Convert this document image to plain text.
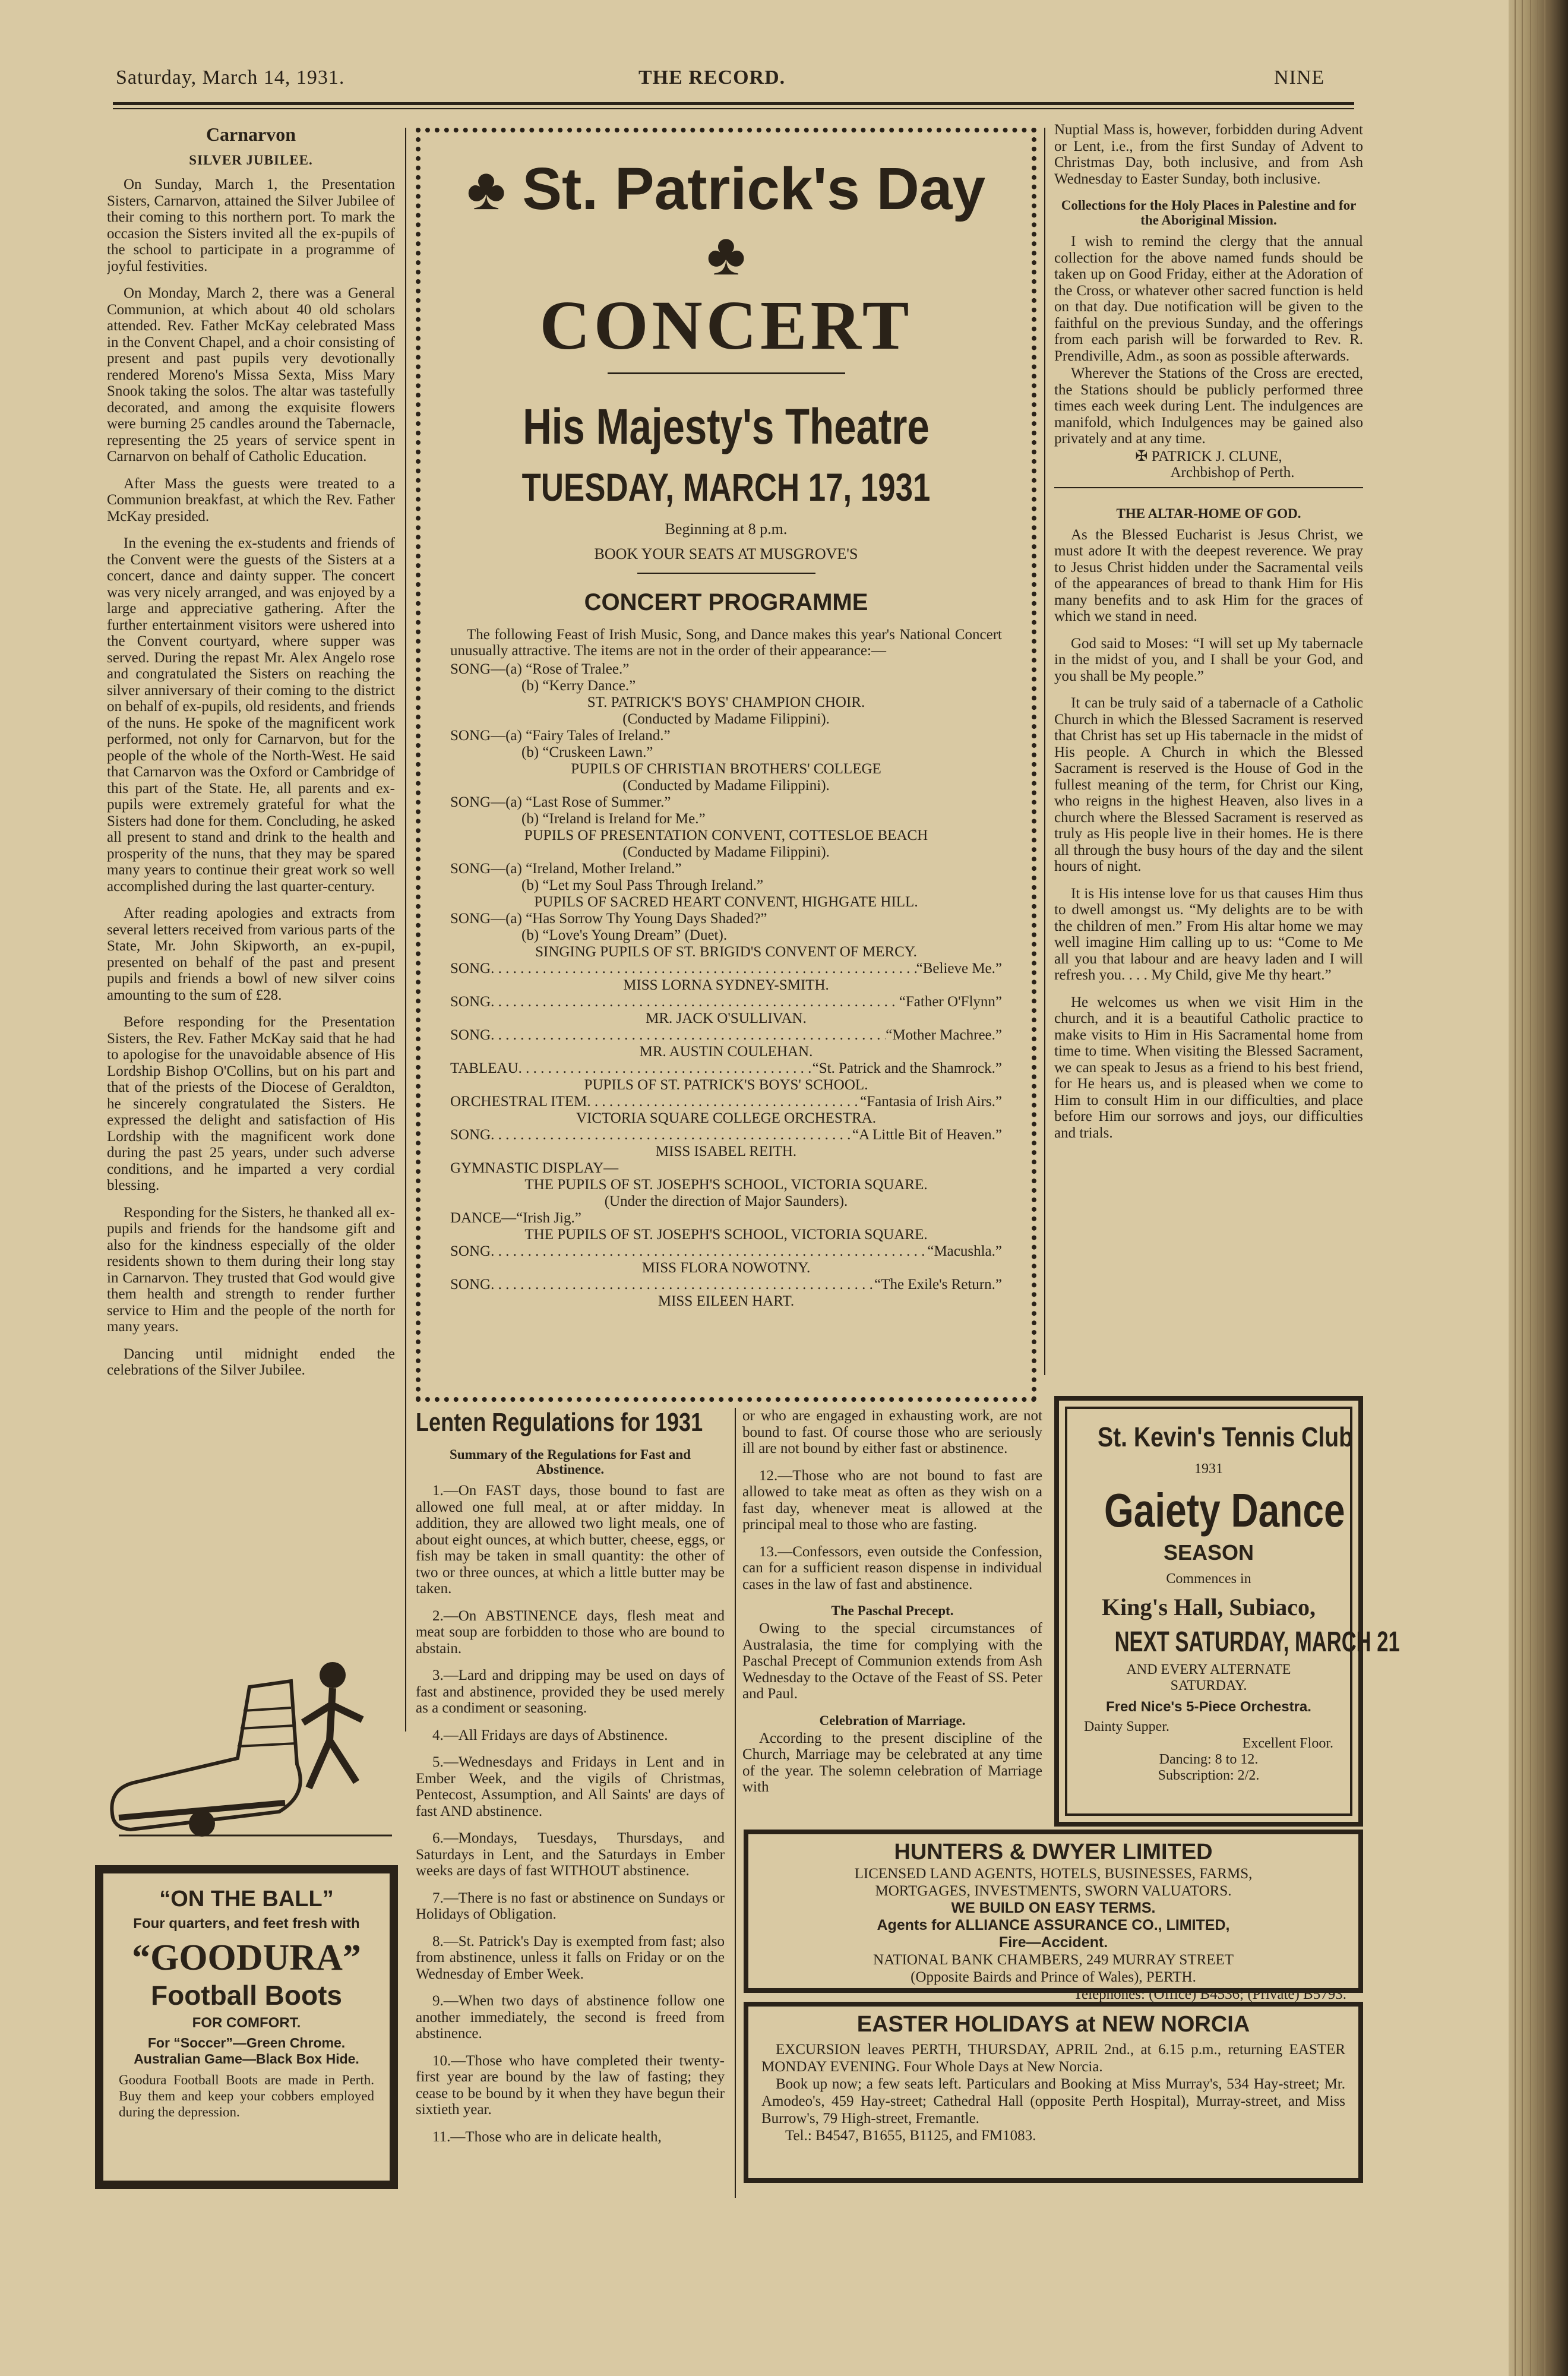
Saturday, March 14, 1931.	THE RECORD.	NINE
Carnarvon
SILVER JUBILEE.

On Sunday, March 1, the Presentation Sisters, Carnarvon, attained the Silver Jubilee of their coming to this northern port. To mark the occasion the Sisters invited all the ex-pupils of the school to participate in a programme of joyful festivities.

On Monday, March 2, there was a General Communion, at which about 40 old scholars attended. Rev. Father McKay celebrated Mass in the Convent Chapel, and a choir consisting of present and past pupils very devotionally rendered Moreno's Missa Sexta, Miss Mary Snook taking the solos. The altar was tastefully decorated, and among the exquisite flowers were burning 25 candles around the Tabernacle, representing the 25 years of service spent in Carnarvon on behalf of Catholic Education.

After Mass the guests were treated to a Communion breakfast, at which the Rev. Father McKay presided.

In the evening the ex-students and friends of the Convent were the guests of the Sisters at a concert, dance and dainty supper. The concert was very nicely arranged, and was enjoyed by a large and appreciative gathering. After the further entertainment visitors were ushered into the Convent courtyard, where supper was served. During the repast Mr. Alex Angelo rose and congratulated the Sisters on reaching the silver anniversary of their coming to the district on behalf of ex-pupils, old residents, and friends of the nuns. He spoke of the magnificent work performed, not only for Carnarvon, but for the people of the whole of the North-West. He said that Carnarvon was the Oxford or Cambridge of this part of the State. He, all parents and ex-pupils were extremely grateful for what the Sisters had done for them. Concluding, he asked all present to stand and drink to the health and prosperity of the nuns, that they may be spared many years to continue their great work so well accomplished during the last quarter-century.

After reading apologies and extracts from several letters received from various parts of the State, Mr. John Skipworth, an ex-pupil, presented on behalf of the past and present pupils and friends a bowl of new silver coins amounting to the sum of £28.

Before responding for the Presentation Sisters, the Rev. Father McKay said that he had to apologise for the unavoidable absence of His Lordship Bishop O'Collins, but on his part and that of the priests of the Diocese of Geraldton, he sincerely congratulated the Sisters. He expressed the delight and satisfaction of His Lordship with the magnificent work done during the past 25 years, under such adverse conditions, and he imparted a very cordial blessing.

Responding for the Sisters, he thanked all ex-pupils and friends for the handsome gift and also for the kindness especially of the older residents shown to them during their long stay in Carnarvon. They trusted that God would give them health and strength to render further service to Him and the people of the north for many years.

Dancing until midnight ended the celebrations of the Silver Jubilee.

“ON THE BALL”
Four quarters, and feet fresh with
“GOODURA”
Football Boots
FOR COMFORT.
For “Soccer”—Green Chrome. Australian Game—Black Box Hide.
Goodura Football Boots are made in Perth. Buy them and keep your cobbers employed during the depression.
♣ St. Patrick's Day ♣
CONCERT
His Majesty's Theatre
TUESDAY, MARCH 17, 1931
Beginning at 8 p.m.
BOOK YOUR SEATS AT MUSGROVE'S
CONCERT PROGRAMME
The following Feast of Irish Music, Song, and Dance makes this year's National Concert unusually attractive. The items are not in the order of their appearance:—
SONG—(a) “Rose of Tralee.”
(b) “Kerry Dance.”
ST. PATRICK'S BOYS' CHAMPION CHOIR.
(Conducted by Madame Filippini).
SONG—(a) “Fairy Tales of Ireland.”
(b) “Cruskeen Lawn.”
PUPILS OF CHRISTIAN BROTHERS' COLLEGE
(Conducted by Madame Filippini).
SONG—(a) “Last Rose of Summer.”
(b) “Ireland is Ireland for Me.”
PUPILS OF PRESENTATION CONVENT, COTTESLOE BEACH
(Conducted by Madame Filippini).
SONG—(a) “Ireland, Mother Ireland.”
(b) “Let my Soul Pass Through Ireland.”
PUPILS OF SACRED HEART CONVENT, HIGHGATE HILL.
SONG—(a) “Has Sorrow Thy Young Days Shaded?”
(b) “Love's Young Dream” (Duet).
SINGING PUPILS OF ST. BRIGID'S CONVENT OF MERCY.
SONG . . .	“Believe Me.”
MISS LORNA SYDNEY-SMITH.
SONG . . .	“Father O'Flynn”
MR. JACK O'SULLIVAN.
SONG . . .	“Mother Machree.”
MR. AUSTIN COULEHAN.
TABLEAU . . .	“St. Patrick and the Shamrock.”
PUPILS OF ST. PATRICK'S BOYS' SCHOOL.
ORCHESTRAL ITEM . . .	“Fantasia of Irish Airs.”
VICTORIA SQUARE COLLEGE ORCHESTRA.
SONG . . .	“A Little Bit of Heaven.”
MISS ISABEL REITH.
GYMNASTIC DISPLAY—
THE PUPILS OF ST. JOSEPH'S SCHOOL, VICTORIA SQUARE.
(Under the direction of Major Saunders).
DANCE—“Irish Jig.”
THE PUPILS OF ST. JOSEPH'S SCHOOL, VICTORIA SQUARE.
SONG . . .	“Macushla.”
MISS FLORA NOWOTNY.
SONG . . .	“The Exile's Return.”
MISS EILEEN HART.
Lenten Regulations for 1931
Summary of the Regulations for Fast and Abstinence.

1.—On FAST days, those bound to fast are allowed one full meal, at or after midday. In addition, they are allowed two light meals, one of about eight ounces, at which butter, cheese, eggs, or fish may be taken in small quantity: the other of two or three ounces, at which a little butter may be taken.

2.—On ABSTINENCE days, flesh meat and meat soup are forbidden to those who are bound to abstain.

3.—Lard and dripping may be used on days of fast and abstinence, provided they be used merely as a condiment or seasoning.

4.—All Fridays are days of Abstinence.

5.—Wednesdays and Fridays in Lent and in Ember Week, and the vigils of Christmas, Pentecost, Assumption, and All Saints' are days of fast AND abstinence.

6.—Mondays, Tuesdays, Thursdays, and Saturdays in Lent, and the Saturdays in Ember weeks are days of fast WITHOUT abstinence.

7.—There is no fast or abstinence on Sundays or Holidays of Obligation.

8.—St. Patrick's Day is exempted from fast; also from abstinence, unless it falls on Friday or on the Wednesday of Ember Week.

9.—When two days of abstinence follow one another immediately, the second is freed from abstinence.

10.—Those who have completed their twenty-first year are bound by the law of fasting; they cease to be bound by it when they have begun their sixtieth year.

11.—Those who are in delicate health,

or who are engaged in exhausting work, are not bound to fast. Of course those who are seriously ill are not bound by either fast or abstinence.

12.—Those who are not bound to fast are allowed to take meat as often as they wish on a fast day, whenever meat is allowed at the principal meal to those who are fasting.

13.—Confessors, even outside the Confession, can for a sufficient reason dispense in individual cases in the law of fast and abstinence.

The Paschal Precept.

Owing to the special circumstances of Australasia, the time for complying with the Paschal Precept of Communion extends from Ash Wednesday to the Octave of the Feast of SS. Peter and Paul.

Celebration of Marriage.

According to the present discipline of the Church, Marriage may be celebrated at any time of the year. The solemn celebration of Marriage with

Nuptial Mass is, however, forbidden during Advent or Lent, i.e., from the first Sunday of Advent to Christmas Day, both inclusive, and from Ash Wednesday to Easter Sunday, both inclusive.

Collections for the Holy Places in Palestine and for the Aboriginal Mission.

I wish to remind the clergy that the annual collection for the above named funds should be taken up on Good Friday, either at the Adoration of the Cross, or whatever other sacred function is held on that day. Due notification will be given to the faithful on the previous Sunday, and the offerings from each parish will be forwarded to Rev. R. Prendiville, Adm., as soon as possible afterwards.

Wherever the Stations of the Cross are erected, the Stations should be publicly performed three times each week during Lent. The indulgences are manifold, which Indulgences may be gained also privately and at any time.

✠ PATRICK J. CLUNE,

Archbishop of Perth.

THE ALTAR-HOME OF GOD.

As the Blessed Eucharist is Jesus Christ, we must adore It with the deepest reverence. We pray to Jesus Christ hidden under the Sacramental veils of the appearances of bread to thank Him for His many benefits and to ask Him for the graces of which we stand in need.

God said to Moses: “I will set up My tabernacle in the midst of you, and I shall be your God, and you shall be My people.”

It can be truly said of a tabernacle of a Catholic Church in which the Blessed Sacrament is reserved that Christ has set up His tabernacle in the midst of His people. A Church in which the Blessed Sacrament is reserved is the House of God in the fullest meaning of the term, for Christ our King, who reigns in the highest Heaven, also lives in a church where the Blessed Sacrament is reserved as truly as His people live in their homes. He is there all through the busy hours of the day and the silent hours of night.

It is His intense love for us that causes Him thus to dwell amongst us. “My delights are to be with the children of men.” From His altar home we may well imagine Him calling up to us: “Come to Me all you that labour and are heavy laden and I will refresh you. . . . My Child, give Me thy heart.”

He welcomes us when we visit Him in the church, and it is a beautiful Catholic practice to make visits to Him in His Sacramental home from time to time. When visiting the Blessed Sacrament, we can speak to Jesus as a friend to his best friend, for He hears us, and is pleased when we come to Him to consult Him in our difficulties, and place before Him our sorrows and joys, our difficulties and trials.

St. Kevin's Tennis Club
1931
Gaiety Dance
SEASON
Commences in
King's Hall, Subiaco,
NEXT SATURDAY, MARCH 21
AND EVERY ALTERNATE SATURDAY.
Fred Nice's 5-Piece Orchestra.
Dainty Supper.
Excellent Floor.
Dancing: 8 to 12.
Subscription: 2/2.
HUNTERS & DWYER LIMITED
LICENSED LAND AGENTS, HOTELS, BUSINESSES, FARMS,
MORTGAGES, INVESTMENTS, SWORN VALUATORS.
WE BUILD ON EASY TERMS.
Agents for ALLIANCE ASSURANCE CO., LIMITED,
Fire—Accident.
NATIONAL BANK CHAMBERS, 249 MURRAY STREET
(Opposite Bairds and Prince of Wales), PERTH.
Telephones: (Office) B4536; (Private) B5793.
EASTER HOLIDAYS at NEW NORCIA
EXCURSION leaves PERTH, THURSDAY, APRIL 2nd., at 6.15 p.m., returning EASTER MONDAY EVENING. Four Whole Days at New Norcia.
Book up now; a few seats left. Particulars and Booking at Miss Murray's, 534 Hay-street; Mr. Amodeo's, 459 Hay-street; Cathedral Hall (opposite Perth Hospital), Murray-street, and Miss Burrow's, 79 High-street, Fremantle.
Tel.: B4547, B1655, B1125, and FM1083.
